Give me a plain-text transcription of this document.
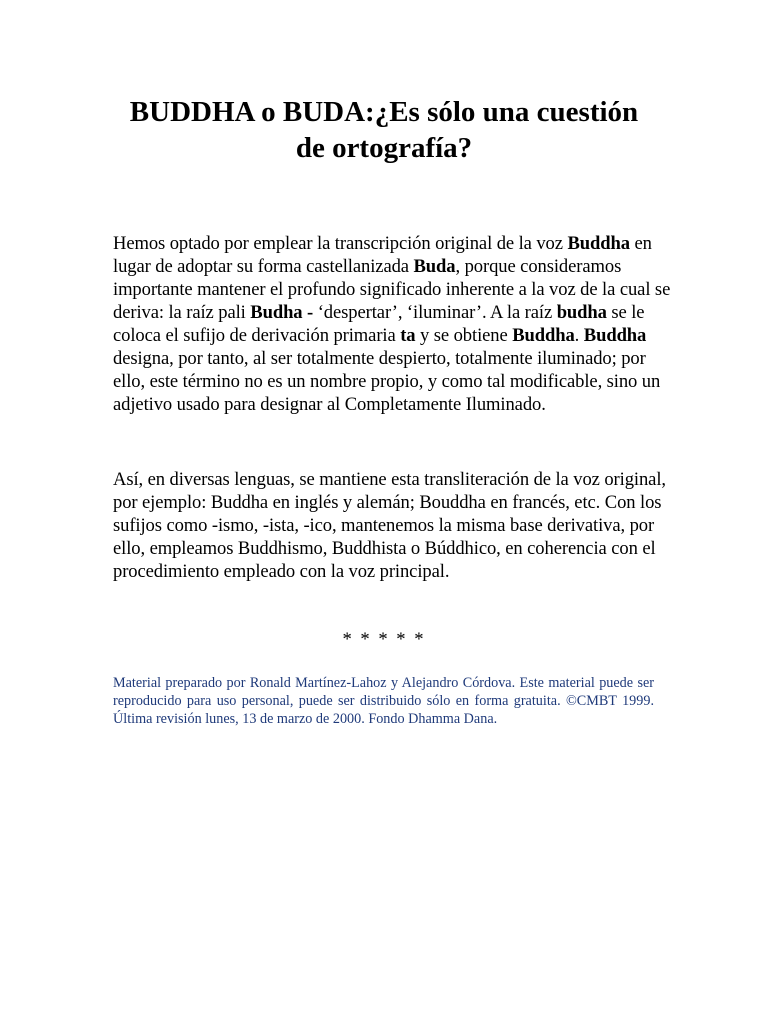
BUDDHA o BUDA:¿Es sólo una cuestión
de ortografía?

Hemos optado por emplear la transcripción original de la voz Buddha en lugar de adoptar su forma castellanizada Buda, porque consideramos importante mantener el profundo significado inherente a la voz de la cual se deriva: la raíz pali Budha - ‘despertar’, ‘iluminar’. A la raíz budha se le coloca el sufijo de derivación primaria ta y se obtiene Buddha. Buddha designa, por tanto, al ser totalmente despierto, totalmente iluminado; por ello, este término no es un nombre propio, y como tal modificable, sino un adjetivo usado para designar al Completamente Iluminado.

Así, en diversas lenguas, se mantiene esta transliteración de la voz original, por ejemplo: Buddha en inglés y alemán; Bouddha en francés, etc. Con los sufijos como -ismo, -ista, -ico, mantenemos la misma base derivativa, por ello, empleamos Buddhismo, Buddhista o Búddhico, en coherencia con el procedimiento empleado con la voz principal.

* * * * *

Material preparado por Ronald Martínez-Lahoz y Alejandro Córdova. Este material puede ser reproducido para uso personal, puede ser distribuido sólo en forma gratuita. ©CMBT 1999. Última revisión lunes, 13 de marzo de 2000. Fondo Dhamma Dana.
